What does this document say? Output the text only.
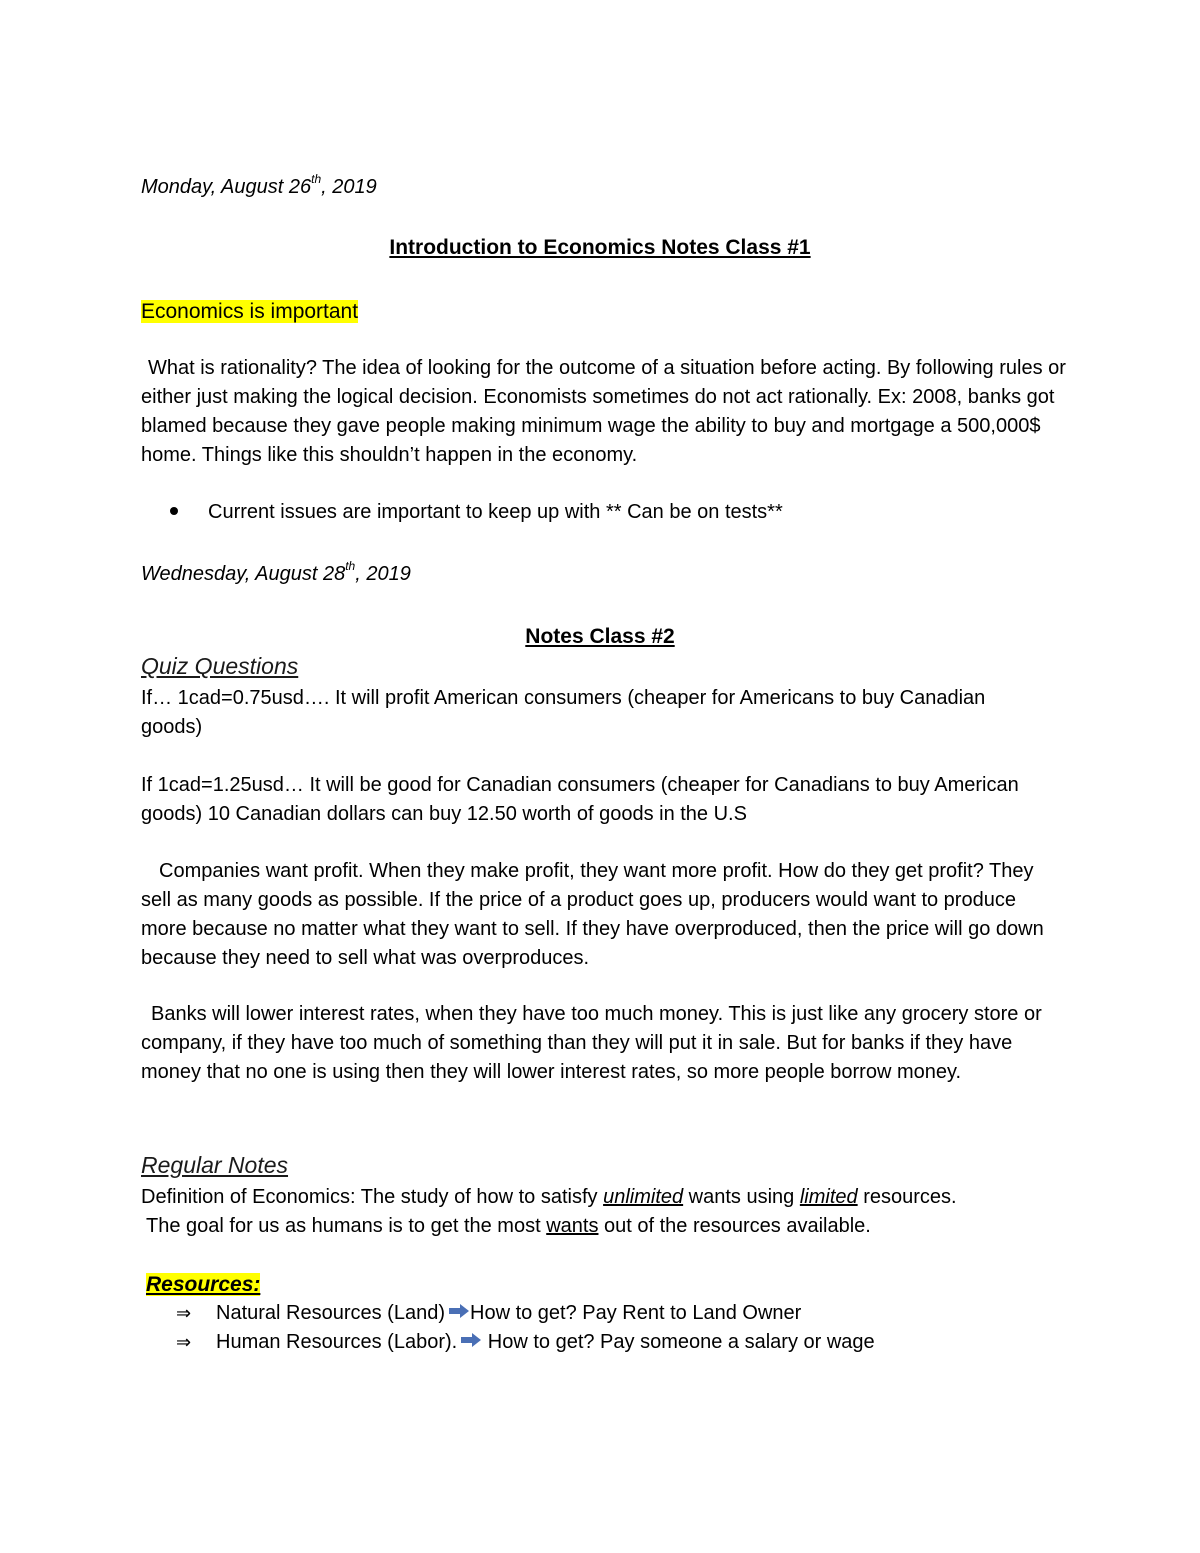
Monday, August 26th, 2019

Introduction to Economics Notes Class #1

Economics is important

What is rationality? The idea of looking for the outcome of a situation before acting. By following rules or either just making the logical decision. Economists sometimes do not act rationally. Ex: 2008, banks got blamed because they gave people making minimum wage the ability to buy and mortgage a 500,000$ home. Things like this shouldn’t happen in the economy.

Current issues are important to keep up with ** Can be on tests**

Wednesday, August 28th, 2019

Notes Class #2

Quiz Questions

If… 1cad=0.75usd…. It will profit American consumers (cheaper for Americans to buy Canadian goods)

If 1cad=1.25usd… It will be good for Canadian consumers (cheaper for Canadians to buy American goods) 10 Canadian dollars can buy 12.50 worth of goods in the U.S

Companies want profit. When they make profit, they want more profit. How do they get profit? They sell as many goods as possible. If the price of a product goes up, producers would want to produce more because no matter what they want to sell. If they have overproduced, then the price will go down because they need to sell what was overproduces.

Banks will lower interest rates, when they have too much money. This is just like any grocery store or company, if they have too much of something than they will put it in sale. But for banks if they have money that no one is using then they will lower interest rates, so more people borrow money.

Regular Notes

Definition of Economics: The study of how to satisfy unlimited wants using limited resources.

The goal for us as humans is to get the most wants out of the resources available.

Resources:

⇒ Natural Resources (Land) How to get? Pay Rent to Land Owner
⇒ Human Resources (Labor).
How to get? Pay someone a salary or wage
